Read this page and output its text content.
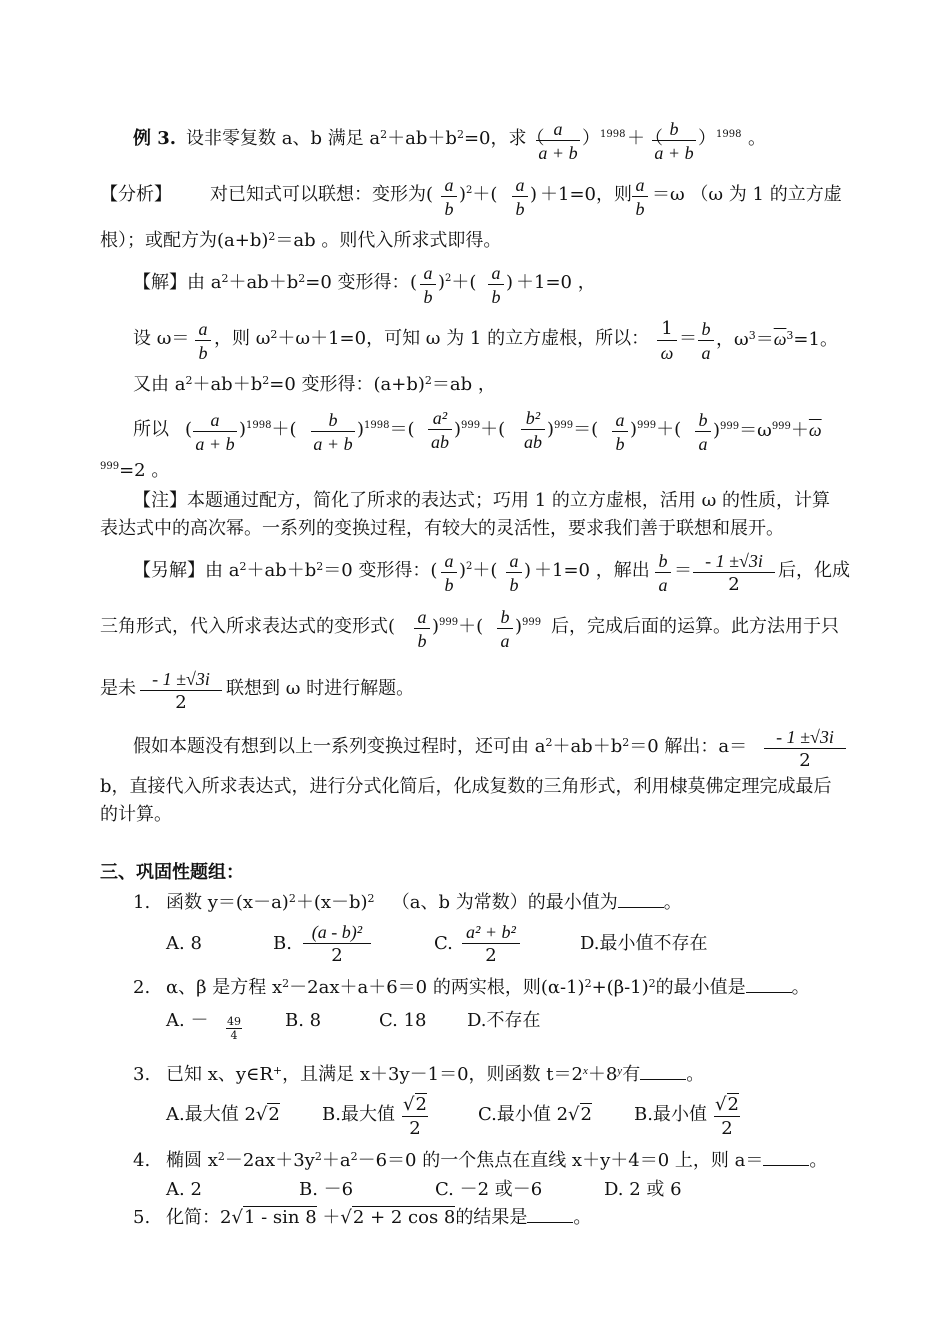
例 3. 设非零复数 a、b 满足 $a^2+ab+b^2=0$，求（
$\frac{a}{a + b} )^{1998}$ ＋（
$\frac{b}{a + b} )^{1998}$ 。
【分析】 对已知式可以联想：变形为( $\frac{a}{b} )^2+( \frac{a}{b}$ ) ＋1=0，则 $\frac{a}{b} =\omega$ （ω 为 1 的立方虚
根）；或配方为$(a+b)^2=ab$ 。则代入所求式即得。
【解】由 $a^2+ab+b^2=0$ 变形得： ( $\frac{a}{b} )^2+( \frac{a}{b}$ ) ＋1=0 ，
设 $\omega= \frac{a}{b}$ ，则 $\omega^2+\omega+1=0$，可知 ω 为 1 的立方虚根，所以： $\frac{1}{\omega} = \frac{b}{a}$ ，$\omega^3=\overline{\omega}^3=1$。
又由 $a^2+ab+b^2=0$ 变形得：$(a+b)^2=ab$ ，
所以 ( $\frac{a}{a + b} )^{1998}+( \frac{b}{a + b} )^{1998}=( \frac{\text{a²}}{ab} )^{999}+( \frac{\text{b²}}{ab} )^{999}=( \frac{a}{b} )^{999}+( \frac{b}{a} )^{999}=\omega^{999}+\overline{\omega}$
$^{999}$=2 。
【注】本题通过配方，简化了所求的表达式；巧用 1 的立方虚根，活用 ω 的性质，计算
表达式中的高次幂。一系列的变换过程，有较大的灵活性，要求我们善于联想和展开。
【另解】由 $a^2+ab+b^2=0$ 变形得：( $\frac{a}{b} )^2+( \frac{a}{b}$ ) ＋1=0 ，解出 $\frac{b}{a} = \frac{- 1 \pm√3i}{2}$ 后，化成
三角形式，代入所求表达式的变形式( $\frac{a}{b} )^{999}+( \frac{b}{a} )^{999}$ 后，完成后面的运算。此方法用于只
是未 $\frac{- 1 \pm√3i}{2}$ 联想到 ω 时进行解题。
假如本题没有想到以上一系列变换过程时，还可由 $a^2+ab+b^2=0$ 解出：$a= \frac{- 1 \pm√3i}{2}$
b，直接代入所求表达式，进行分式化简后，化成复数的三角形式，利用棣莫佛定理完成最后
的计算。
三、巩固性题组：
1. 函数 $y=(x-a)^2+(x-b)^2$ （a、b 为常数）的最小值为	。
A. 8	B. $\frac{\text{(a - b)²}}{2}$	C. $\frac{\text{a² + b²}}{2}$	D.最小值不存在
2. α、β 是方程 $x^2-2ax+a+6=0$ 的两实根，则$(\alpha-1)^2+(\beta-1)^2$的最小值是	。
A. － $\frac{49}{4} B$. 8	C. 18 D.不存在
3. 已知 x、y∈R+，且满足 x＋3y－1＝0，则函数 $t=2^x+8^y$有	。
A.最大值 2√2 B.最大值 $\frac{√2}{2}$	C.最小值 2√2 B.最小值 $\frac{√2}{2}$
4. 椭圆 $x^2-2ax+3y^2+a^2-6=0$ 的一个焦点在直线 x＋y＋4＝0 上，则 a＝	。
A. 2	B. －6	C. －2 或－6	D. 2 或 6
5. 化简：2√1 - sin 8 ＋√2 + 2 cos 8的结果是	。
